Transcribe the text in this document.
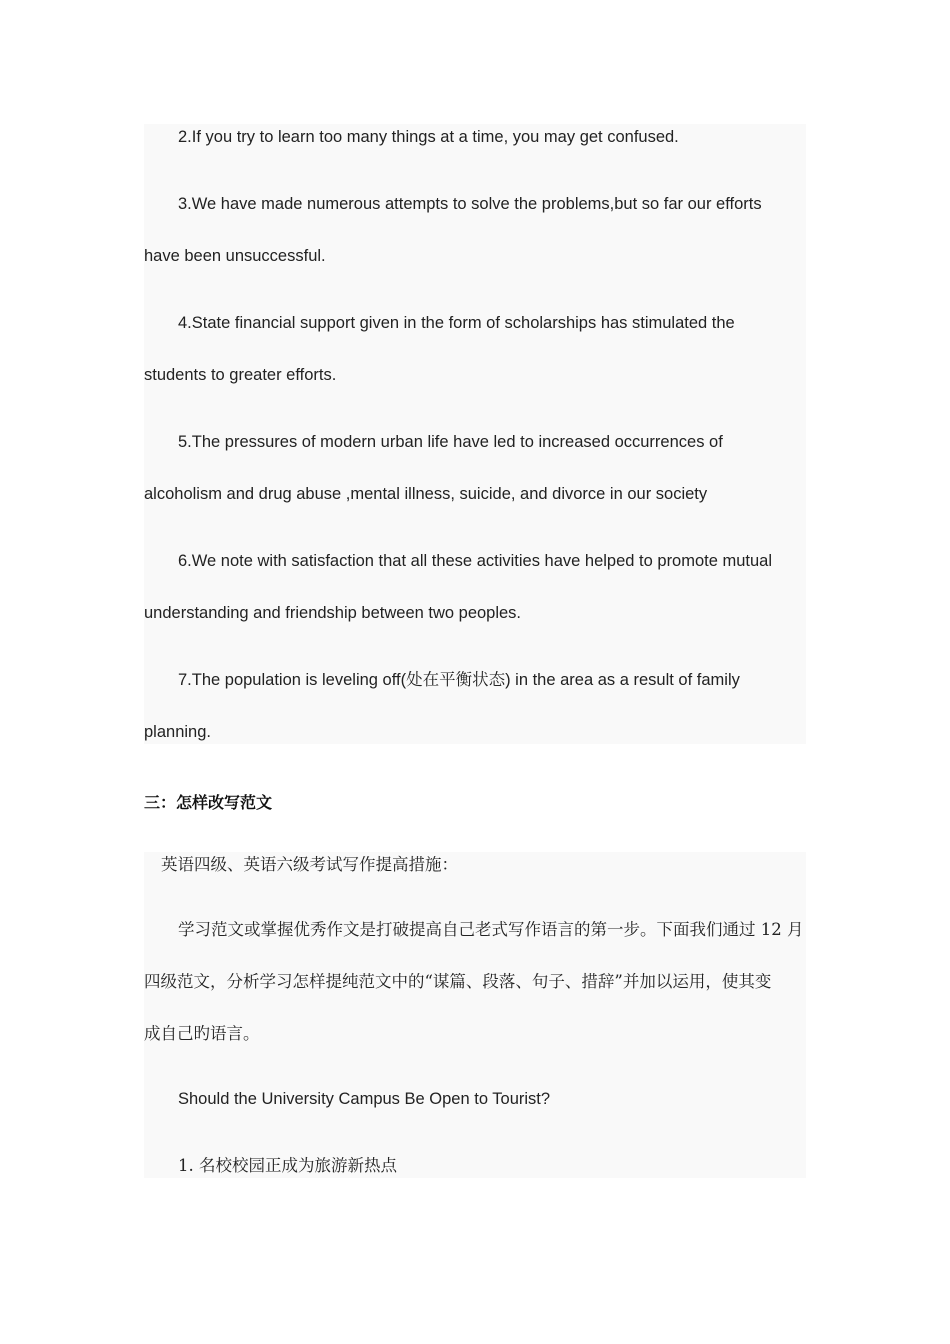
2.If you try to learn too many things at a time, you may get confused.
3.We have made numerous attempts to solve the problems,but so far our efforts
have been unsuccessful.
4.State financial support given in the form of scholarships has stimulated the
students to greater efforts.
5.The pressures of modern urban life have led to increased occurrences of
alcoholism and drug abuse ,mental illness, suicide, and divorce in our society
6.We note with satisfaction that all these activities have helped to promote mutual
understanding and friendship between two peoples.
7.The population is leveling off(处在平衡状态) in the area as a result of family
planning.
三：怎样改写范文
英语四级、英语六级考试写作提高措施：
学习范文或掌握优秀作文是打破提高自己老式写作语言的第一步。下面我们通过 12 月
四级范文，分析学习怎样提纯范文中的“谋篇、段落、句子、措辞”并加以运用，使其变
成自己旳语言。
Should the University Campus Be Open to Tourist?
1. 名校校园正成为旅游新热点
